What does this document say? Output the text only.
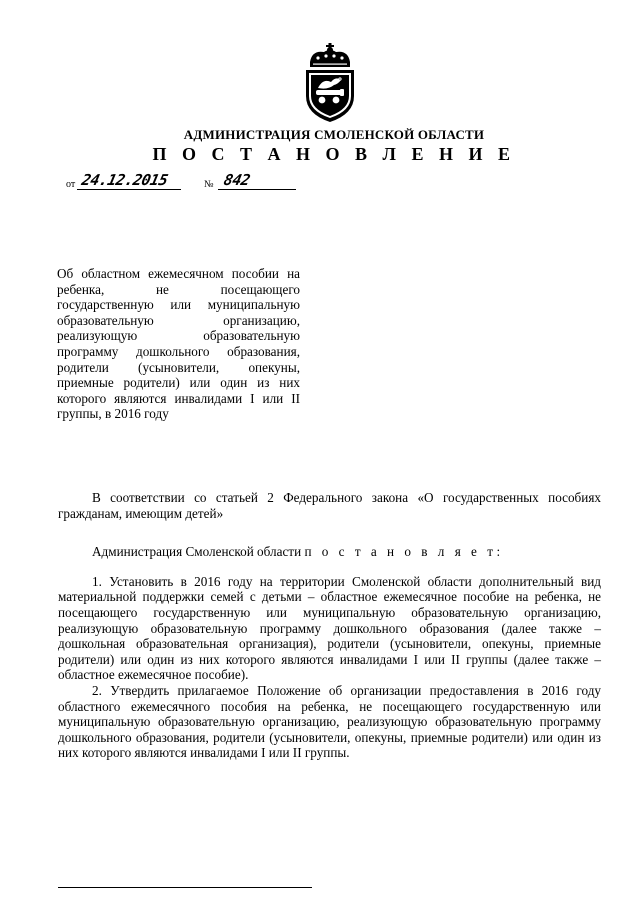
АДМИНИСТРАЦИЯ СМОЛЕНСКОЙ ОБЛАСТИ
П О С Т А Н О В Л Е Н И Е
от 24.12.2015	№ 842

Об областном ежемесячном пособии на ребенка, не посещающего государственную или муниципальную образовательную организацию, реализующую образовательную программу дошкольного образования, родители (усыновители, опекуны, приемные родители) или один из них которого являются инвалидами I или II группы, в 2016 году

В соответствии со статьей 2 Федерального закона «О государственных пособиях гражданам, имеющим детей»

Администрация Смоленской области п о с т а н о в л я е т:

1. Установить в 2016 году на территории Смоленской области дополнительный вид материальной поддержки семей с детьми – областное ежемесячное пособие на ребенка, не посещающего государственную или муниципальную образовательную организацию, реализующую образовательную программу дошкольного образования (далее также – дошкольная образовательная организация), родители (усыновители, опекуны, приемные родители) или один из них которого являются инвалидами I или II группы (далее также – областное ежемесячное пособие).

2. Утвердить прилагаемое Положение об организации предоставления в 2016 году областного ежемесячного пособия на ребенка, не посещающего государственную или муниципальную образовательную организацию, реализующую образовательную программу дошкольного образования, родители (усыновители, опекуны, приемные родители) или один из них которого являются инвалидами I или II группы.
